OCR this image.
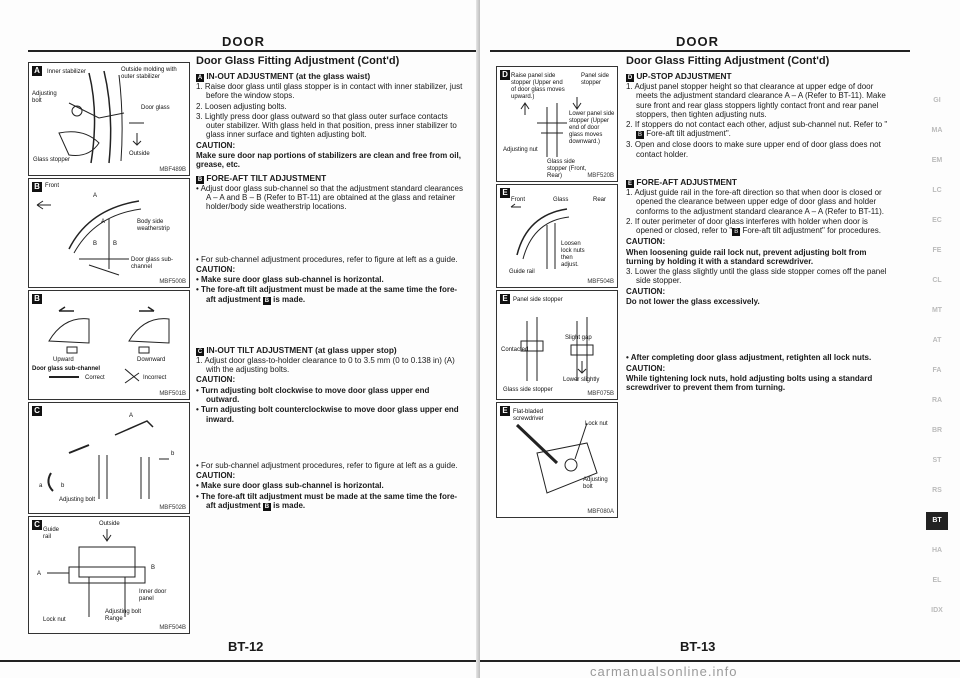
DOOR
A	Inner stabilizer	Outside molding with outer stabilizer
Adjusting bolt
Door glass
Glass stopper
Outside
MBF489B
B Front
A
A	Body side weatherstrip
B	B
Door glass sub-channel
MBF500B
B
Upward	Downward
Door glass sub-channel
Correct	Incorrect
MBF501B
C
A
b
a	b
Adjusting bolt
MBF502B
C
Guide rail
Outside
A
B
Inner door panel
Adjusting bolt Range
Lock nut
MBF504B
Door Glass Fitting Adjustment (Cont'd)
A IN-OUT ADJUSTMENT (at the glass waist)
1. Raise door glass until glass stopper is in contact with inner stabilizer, just before the window stops.
2. Loosen adjusting bolts.
3. Lightly press door glass outward so that glass outer surface contacts outer stabilizer. With glass held in that position, press inner stabilizer to glass inner surface and tighten adjusting bolt.
CAUTION:
Make sure door nap portions of stabilizers are clean and free from oil, grease, etc.
B FORE-AFT TILT ADJUSTMENT
• Adjust door glass sub-channel so that the adjustment standard clearances A – A and B – B (Refer to BT-11) are obtained at the glass and retainer holder/body side weatherstrip locations.
• For sub-channel adjustment procedures, refer to figure at left as a guide.
CAUTION:
• Make sure door glass sub-channel is horizontal.
• The fore-aft tilt adjustment must be made at the same time the fore-aft adjustment B is made.
C IN-OUT TILT ADJUSTMENT (at glass upper stop)
1. Adjust door glass-to-holder clearance to 0 to 3.5 mm (0 to 0.138 in) (A) with the adjusting bolts.
CAUTION:
• Turn adjusting bolt clockwise to move door glass upper end outward.
• Turn adjusting bolt counterclockwise to move door glass upper end inward.
• For sub-channel adjustment procedures, refer to figure at left as a guide.
CAUTION:
• Make sure door glass sub-channel is horizontal.
• The fore-aft tilt adjustment must be made at the same time the fore-aft adjustment B is made.
BT-12
DOOR
D Raise panel side stopper (Upper end of door glass moves upward.)
Panel side stopper
Lower panel side stopper (Upper end of door glass moves downward.)
Adjusting nut
Glass side stopper (Front, Rear)	MBF520B
E
Front	Glass	Rear
Loosen lock nuts then adjust.
Guide rail
MBF504B
E Panel side stopper
Contacted
Slight gap
Glass side stopper
Lower slightly
MBF075B
E Flat-bladed screwdriver
Lock nut
Adjusting bolt
MBF080A
Door Glass Fitting Adjustment (Cont'd)
D UP-STOP ADJUSTMENT
1. Adjust panel stopper height so that clearance at upper edge of door meets the adjustment standard clearance A – A (Refer to BT-11). Make sure front and rear glass stoppers lightly contact front and rear panel stoppers, then tighten adjusting nuts.
2. If stoppers do not contact each other, adjust sub-channel nut. Refer to "B Fore-aft tilt adjustment".
3. Open and close doors to make sure upper end of door glass does not contact holder.
E FORE-AFT ADJUSTMENT
1. Adjust guide rail in the fore-aft direction so that when door is closed or opened the clearance between upper edge of door glass and holder conforms to the adjustment standard clearance A – A (Refer to BT-11).
2. If outer perimeter of door glass interferes with holder when door is opened or closed, refer to " B Fore-aft tilt adjustment" for procedures.
CAUTION:
When loosening guide rail lock nut, prevent adjusting bolt from turning by holding it with a standard screwdriver.
3. Lower the glass slightly until the glass side stopper comes off the panel side stopper.
CAUTION:
Do not lower the glass excessively.
• After completing door glass adjustment, retighten all lock nuts.
CAUTION:
While tightening lock nuts, hold adjusting bolts using a standard screwdriver to prevent them from turning.
GI
MA
EM
LC
EC
FE
CL
MT
AT
FA
RA
BR
ST
RS
BT
HA
EL
IDX
BT-13
carmanualsonline.info
